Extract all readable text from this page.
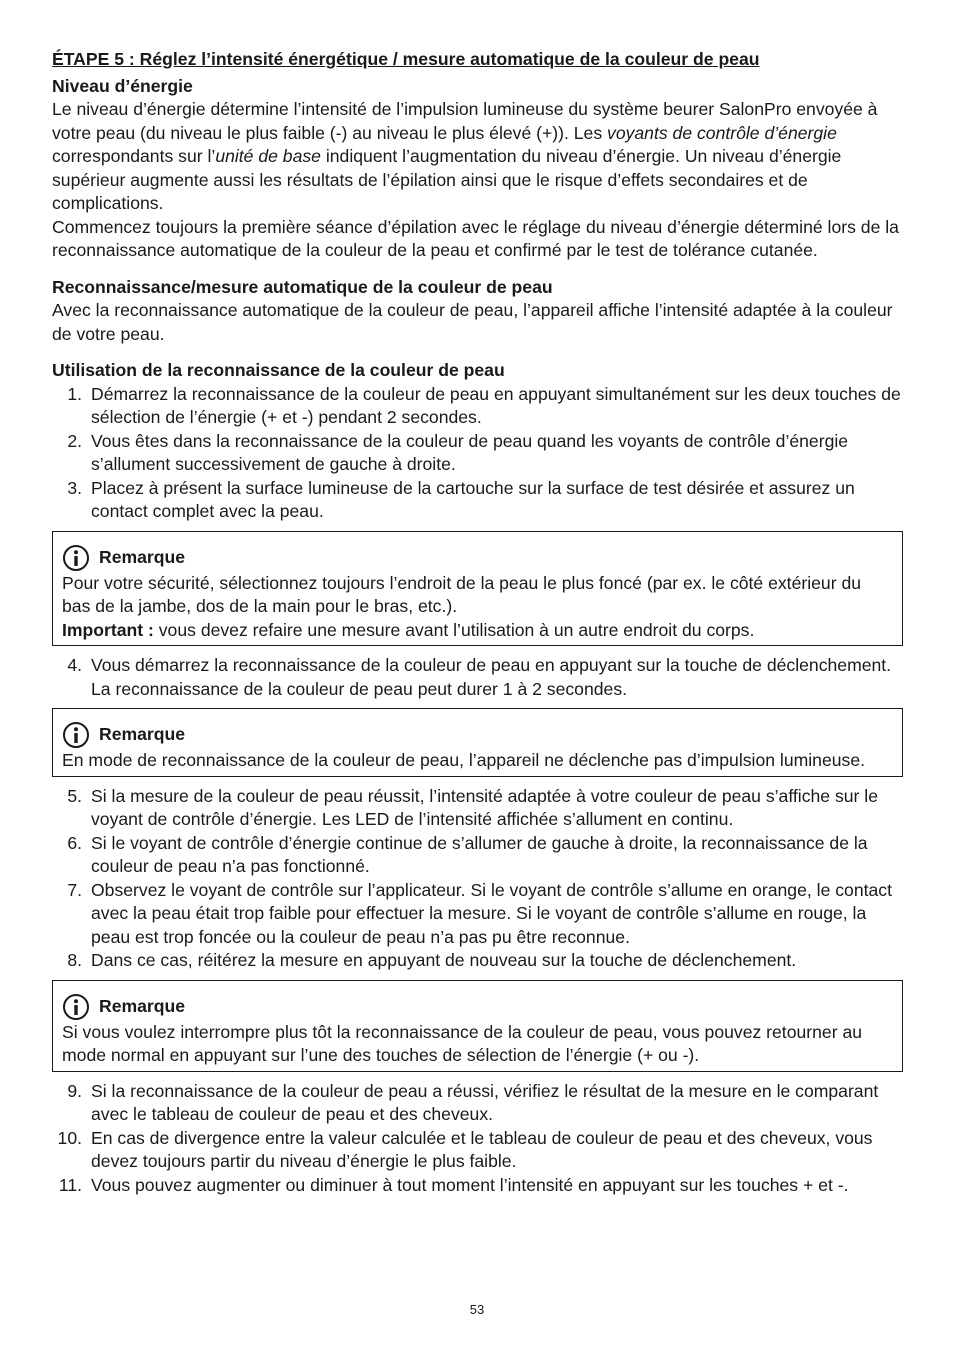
ÉTAPE 5 : Réglez l’intensité énergétique / mesure automatique de la couleur de peau

Niveau d’énergie

Le niveau d’énergie détermine l’intensité de l’impulsion lumineuse du système beurer SalonPro envoyée à votre peau (du niveau le plus faible (-) au niveau le plus élevé (+)). Les voyants de contrôle d’énergie correspondants sur l’unité de base indiquent l’augmentation du niveau d’énergie. Un niveau d’énergie supérieur augmente aussi les résultats de l’épilation ainsi que le risque d’effets secondaires et de complications.

Commencez toujours la première séance d’épilation avec le réglage du niveau d’énergie déterminé lors de la reconnaissance automatique de la couleur de la peau et confirmé par le test de tolérance cutanée.

Reconnaissance/mesure automatique de la couleur de peau

Avec la reconnaissance automatique de la couleur de peau, l’appareil affiche l’intensité adaptée à la couleur de votre peau.

Utilisation de la reconnaissance de la couleur de peau

1. Démarrez la reconnaissance de la couleur de peau en appuyant simultanément sur les deux touches de sélection de l’énergie (+ et -) pendant 2 secondes.
2. Vous êtes dans la reconnaissance de la couleur de peau quand les voyants de contrôle d’énergie s’allument successivement de gauche à droite.
3. Placez à présent la surface lumineuse de la cartouche sur la surface de test désirée et assurez un contact complet avec la peau.
Remarque

Pour votre sécurité, sélectionnez toujours l’endroit de la peau le plus foncé (par ex. le côté extérieur du bas de la jambe, dos de la main pour le bras, etc.).

Important : vous devez refaire une mesure avant l’utilisation à un autre endroit du corps.

4. Vous démarrez la reconnaissance de la couleur de peau en appuyant sur la touche de déclenchement. La reconnaissance de la couleur de peau peut durer 1 à 2 secondes.
Remarque

En mode de reconnaissance de la couleur de peau, l’appareil ne déclenche pas d’impulsion lumineuse.

5. Si la mesure de la couleur de peau réussit, l’intensité adaptée à votre couleur de peau s’affiche sur le voyant de contrôle d’énergie. Les LED de l’intensité affichée s’allument en continu.
6. Si le voyant de contrôle d’énergie continue de s’allumer de gauche à droite, la reconnaissance de la couleur de peau n’a pas fonctionné.
7. Observez le voyant de contrôle sur l’applicateur. Si le voyant de contrôle s’allume en orange, le contact avec la peau était trop faible pour effectuer la mesure. Si le voyant de contrôle s’allume en rouge, la peau est trop foncée ou la couleur de peau n’a pas pu être reconnue.
8. Dans ce cas, réitérez la mesure en appuyant de nouveau sur la touche de déclenchement.
Remarque

Si vous voulez interrompre plus tôt la reconnaissance de la couleur de peau, vous pouvez retourner au mode normal en appuyant sur l’une des touches de sélection de l’énergie (+ ou -).

9. Si la reconnaissance de la couleur de peau a réussi, vérifiez le résultat de la mesure en le comparant avec le tableau de couleur de peau et des cheveux.
10. En cas de divergence entre la valeur calculée et le tableau de couleur de peau et des cheveux, vous devez toujours partir du niveau d’énergie le plus faible.
11. Vous pouvez augmenter ou diminuer à tout moment l’intensité en appuyant sur les touches + et -.
53
